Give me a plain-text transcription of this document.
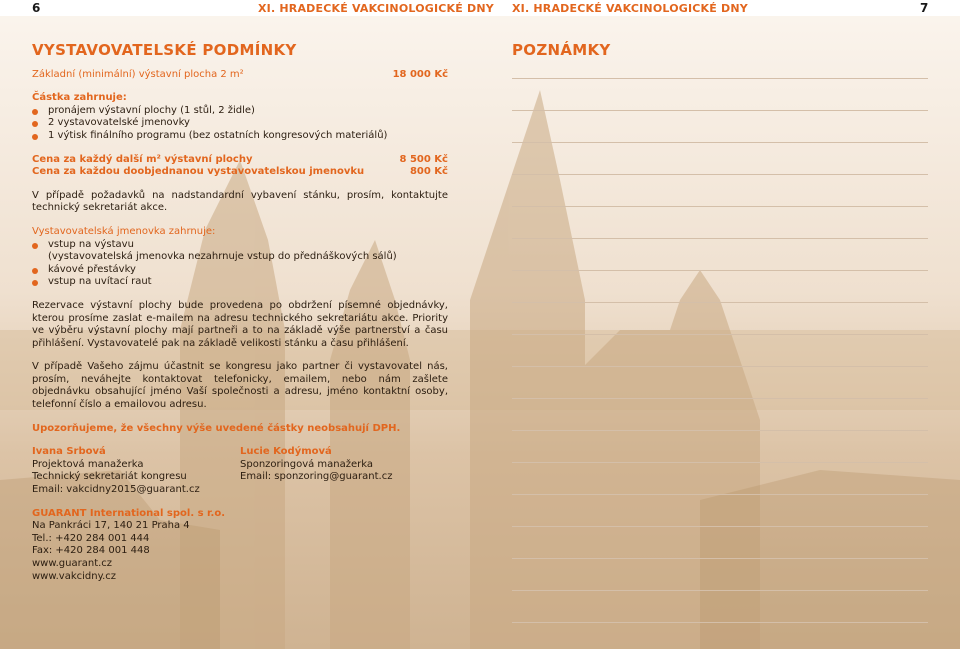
6	XI. HRADECKÉ VAKCINOLOGICKÉ DNY XI. HRADECKÉ VAKCINOLOGICKÉ DNY	7
VYSTAVOVATELSKÉ PODMÍNKY
Základní (minimální) výstavní plocha 2 m²	18 000 Kč
Částka zahrnuje:
pronájem výstavní plochy (1 stůl, 2 židle)
2 vystavovatelské jmenovky
1 výtisk finálního programu (bez ostatních kongresových materiálů)
Cena za každý další m² výstavní plochy	8 500 Kč
Cena za každou doobjednanou vystavovatelskou jmenovku	800 Kč
V případě požadavků na nadstandardní vybavení stánku, prosím, kontaktujte technický sekretariát akce.
Vystavovatelská jmenovka zahrnuje:
vstup na výstavu
(vystavovatelská jmenovka nezahrnuje vstup do přednáškových sálů)
kávové přestávky
vstup na uvítací raut
Rezervace výstavní plochy bude provedena po obdržení písemné objednávky, kterou prosíme zaslat e-mailem na adresu technického sekretariátu akce. Priority ve výběru výstavní plochy mají partneři a to na základě výše partnerství a času přihlášení. Vystavovatelé pak na základě velikosti stánku a času přihlášení.
V případě Vašeho zájmu účastnit se kongresu jako partner či vystavovatel nás, prosím, neváhejte kontaktovat telefonicky, emailem, nebo nám zašlete objednávku obsahující jméno Vaší společnosti a adresu, jméno kontaktní osoby, telefonní číslo a emailovou adresu.
Upozorňujeme, že všechny výše uvedené částky neobsahují DPH.
Ivana Srbová
Projektová manažerka
Technický sekretariát kongresu
Email: vakcidny2015@guarant.cz
Lucie Kodýmová
Sponzoringová manažerka
Email: sponzoring@guarant.cz
GUARANT International spol. s r.o.
Na Pankráci 17, 140 21 Praha 4
Tel.: +420 284 001 444
Fax: +420 284 001 448
www.guarant.cz
www.vakcidny.cz
POZNÁMKY
